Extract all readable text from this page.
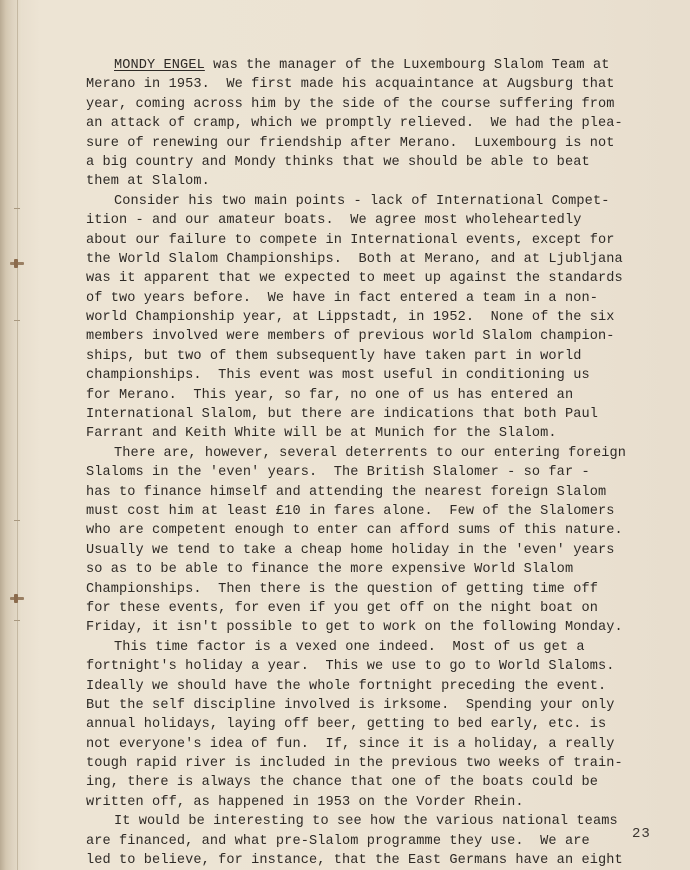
MONDY ENGEL was the manager of the Luxembourg Slalom Team at
Merano in 1953.  We first made his acquaintance at Augsburg that
year, coming across him by the side of the course suffering from
an attack of cramp, which we promptly relieved.  We had the plea-
sure of renewing our friendship after Merano.  Luxembourg is not
a big country and Mondy thinks that we should be able to beat
them at Slalom.
Consider his two main points - lack of International Compet-
ition - and our amateur boats.  We agree most wholeheartedly
about our failure to compete in International events, except for
the World Slalom Championships.  Both at Merano, and at Ljubljana
was it apparent that we expected to meet up against the standards
of two years before.  We have in fact entered a team in a non-
world Championship year, at Lippstadt, in 1952.  None of the six
members involved were members of previous world Slalom champion-
ships, but two of them subsequently have taken part in world
championships.  This event was most useful in conditioning us
for Merano.  This year, so far, no one of us has entered an
International Slalom, but there are indications that both Paul
Farrant and Keith White will be at Munich for the Slalom.
There are, however, several deterrents to our entering foreign
Slaloms in the 'even' years.  The British Slalomer - so far -
has to finance himself and attending the nearest foreign Slalom
must cost him at least £10 in fares alone.  Few of the Slalomers
who are competent enough to enter can afford sums of this nature.
Usually we tend to take a cheap home holiday in the 'even' years
so as to be able to finance the more expensive World Slalom
Championships.  Then there is the question of getting time off
for these events, for even if you get off on the night boat on
Friday, it isn't possible to get to work on the following Monday.
This time factor is a vexed one indeed.  Most of us get a
fortnight's holiday a year.  This we use to go to World Slaloms.
Ideally we should have the whole fortnight preceding the event.
But the self discipline involved is irksome.  Spending your only
annual holidays, laying off beer, getting to bed early, etc. is
not everyone's idea of fun.  If, since it is a holiday, a really
tough rapid river is included in the previous two weeks of train-
ing, there is always the chance that one of the boats could be
written off, as happened in 1953 on the Vorder Rhein.
It would be interesting to see how the various national teams
are financed, and what pre-Slalom programme they use.  We are
led to believe, for instance, that the East Germans have an eight
23
